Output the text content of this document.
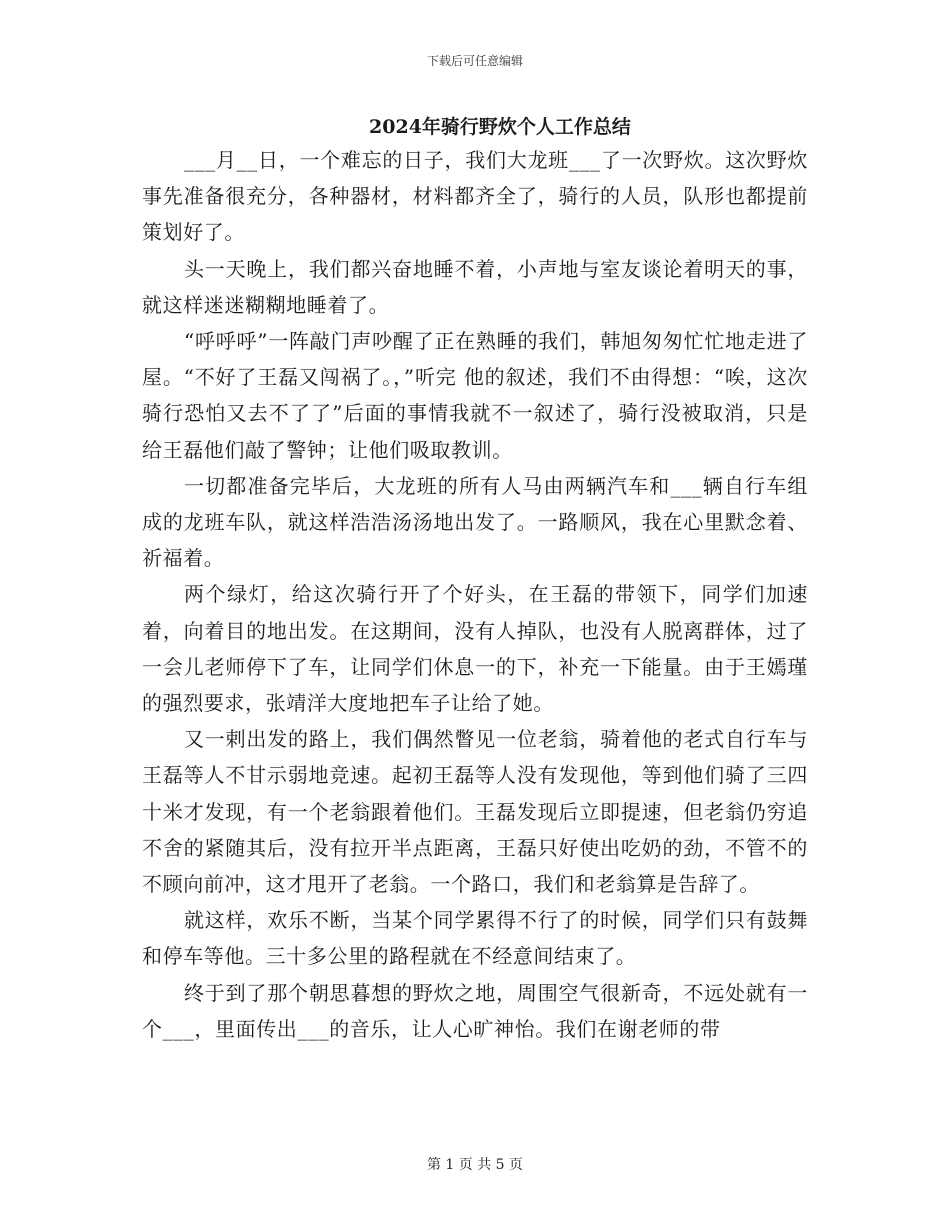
下载后可任意编辑
2024年骑行野炊个人工作总结

___月__日，一个难忘的日子，我们大龙班___了一次野炊。这次野炊事先准备很充分，各种器材，材料都齐全了，骑行的人员，队形也都提前策划好了。

头一天晚上，我们都兴奋地睡不着，小声地与室友谈论着明天的事，就这样迷迷糊糊地睡着了。

“呼呼呼”一阵敲门声吵醒了正在熟睡的我们，韩旭匆匆忙忙地走进了屋。“不好了王磊又闯祸了。，”听完 他的叙述，我们不由得想：“唉，这次骑行恐怕又去不了了”后面的事情我就不一叙述了，骑行没被取消，只是给王磊他们敲了警钟；让他们吸取教训。

一切都准备完毕后，大龙班的所有人马由两辆汽车和___辆自行车组成的龙班车队，就这样浩浩汤汤地出发了。一路顺风，我在心里默念着、祈福着。

两个绿灯，给这次骑行开了个好头，在王磊的带领下，同学们加速着，向着目的地出发。在这期间，没有人掉队，也没有人脱离群体，过了一会儿老师停下了车，让同学们休息一的下，补充一下能量。由于王嫣瑾的强烈要求，张靖洋大度地把车子让给了她。

又一剌出发的路上，我们偶然瞥见一位老翁，骑着他的老式自行车与王磊等人不甘示弱地竞速。起初王磊等人没有发现他，等到他们骑了三四十米才发现，有一个老翁跟着他们。王磊发现后立即提速，但老翁仍穷追不舍的紧随其后，没有拉开半点距离，王磊只好使出吃奶的劲，不管不的不顾向前冲，这才甩开了老翁。一个路口，我们和老翁算是告辞了。

就这样，欢乐不断，当某个同学累得不行了的时候，同学们只有鼓舞和停车等他。三十多公里的路程就在不经意间结束了。

终于到了那个朝思暮想的野炊之地，周围空气很新奇，不远处就有一个___，里面传出___的音乐，让人心旷神怡。我们在谢老师的带

第 1 页 共 5 页
